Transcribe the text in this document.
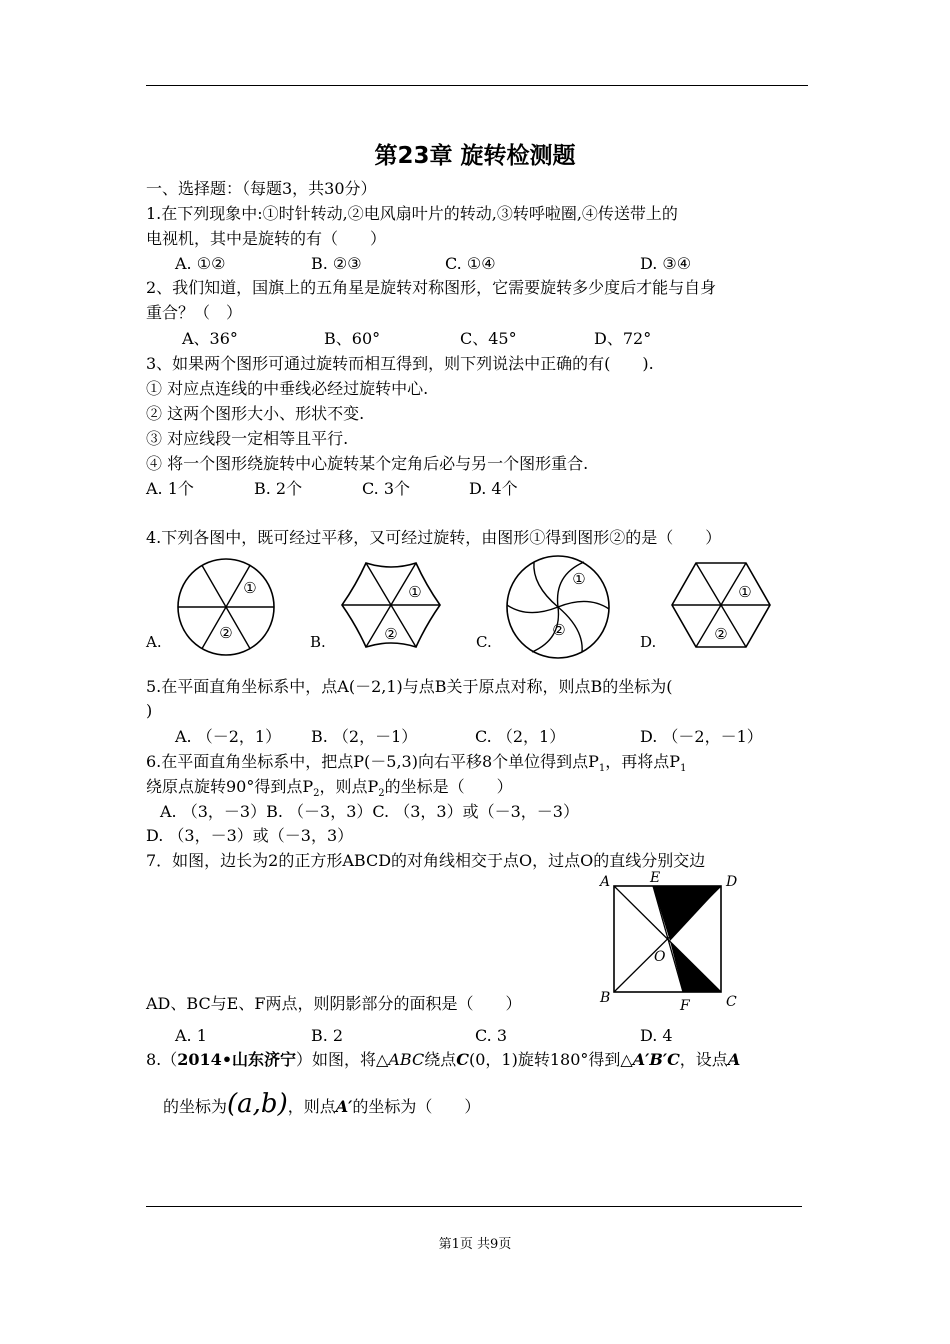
第23章 旋转检测题
一、选择题：（每题3，共30分）
1.在下列现象中:①时针转动,②电风扇叶片的转动,③转呼啦圈,④传送带上的
电视机，其中是旋转的有（　　）
A. ①②	B. ②③	C. ①④	D. ③④
2、我们知道，国旗上的五角星是旋转对称图形，它需要旋转多少度后才能与自身
重合？（　）
A、36°	B、60°	C、45°	D、72°
3、如果两个图形可通过旋转而相互得到，则下列说法中正确的有(　　).
① 对应点连线的中垂线必经过旋转中心.
② 这两个图形大小、形状不变.
③ 对应线段一定相等且平行.
④ 将一个图形绕旋转中心旋转某个定角后必与另一个图形重合.
A. 1个	B. 2个	C. 3个	D. 4个
4.下列各图中，既可经过平移，又可经过旋转，由图形①得到图形②的是（　　）
①
②
A.
①
②
B.
①
②
C.
①
②
D.
5.在平面直角坐标系中，点A(－2,1)与点B关于原点对称，则点B的坐标为(
)
A. （－2，1） B. （2，－1）	C. （2，1）	D. （－2，－1）
6.在平面直角坐标系中，把点P(－5,3)向右平移8个单位得到点$P_1$，再将点$P_1$
绕原点旋转90°得到点$P_2$，则点$P_2$的坐标是（　　）
A. （3，－3）B. （－3，3）C. （3，3）或（－3，－3）
D. （3，－3）或（－3，3）
7．如图，边长为2的正方形ABCD的对角线相交于点O，过点O的直线分别交边
A	E	D
O
B	F	C
AD、BC与E、F两点，则阴影部分的面积是（　　）
A. 1	B. 2	C. 3	D. 4
8.（2014•山东济宁）如图，将△ABC绕点C(0，1)旋转180°得到△A′B′C，设点A
的坐标为(a,b)，则点A′的坐标为（　　）
第1页 共9页
